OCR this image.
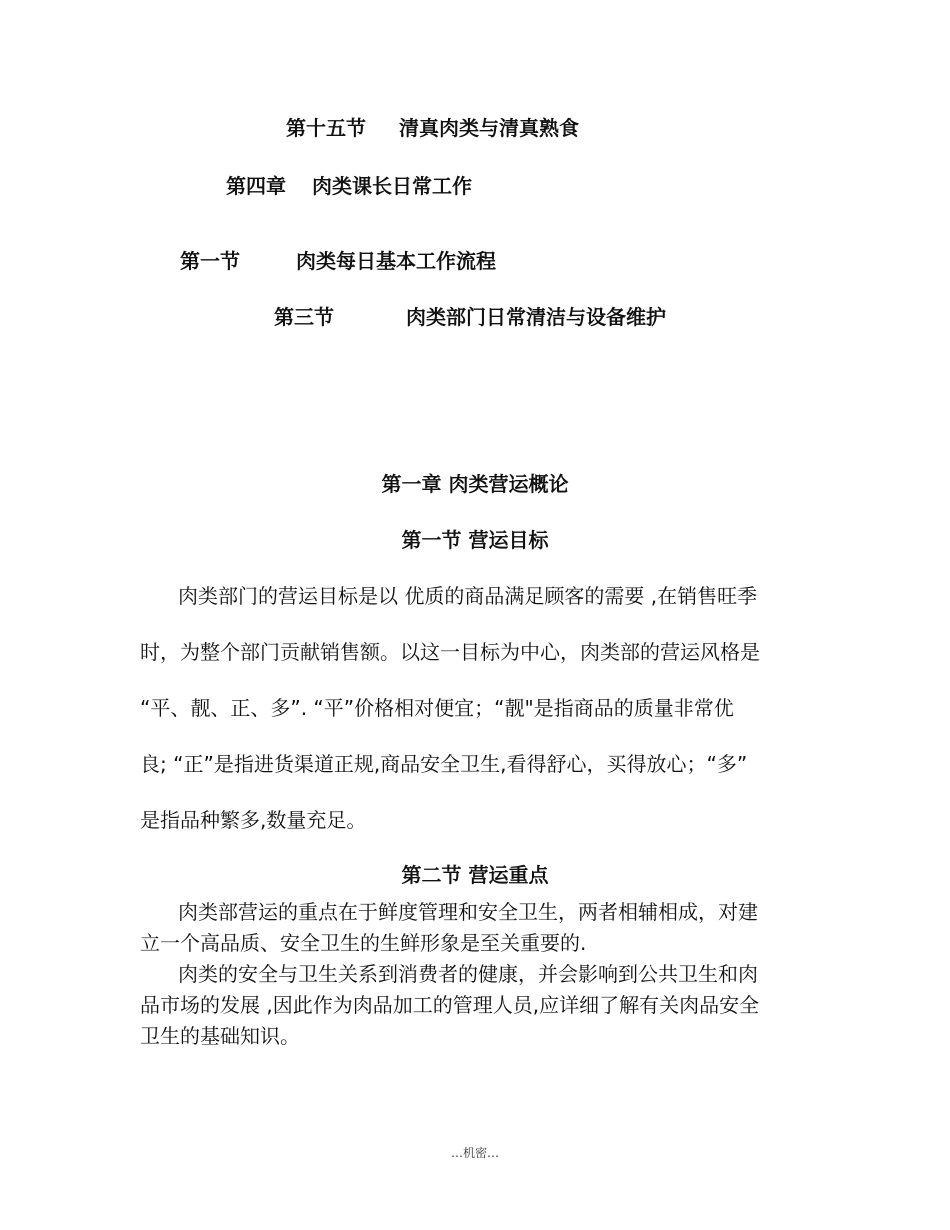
第十五节 清真肉类与清真熟食
第四章 肉类课长日常工作
第一节	肉类每日基本工作流程
第三节	肉类部门日常清洁与设备维护
第一章 肉类营运概论
第一节 营运目标
肉类部门的营运目标是以 优质的商品满足顾客的需要 ,在销售旺季
时，为整个部门贡献销售额。以这一目标为中心，肉类部的营运风格是
“平、靓、正、多”. “平”价格相对便宜；“靓"是指商品的质量非常优
良; “正”是指进货渠道正规,商品安全卫生,看得舒心，买得放心；“多”
是指品种繁多,数量充足。
第二节 营运重点
肉类部营运的重点在于鲜度管理和安全卫生，两者相辅相成，对建
立一个高品质、安全卫生的生鲜形象是至关重要的.
肉类的安全与卫生关系到消费者的健康，并会影响到公共卫生和肉
品市场的发展 ,因此作为肉品加工的管理人员,应详细了解有关肉品安全
卫生的基础知识。
…机密…
